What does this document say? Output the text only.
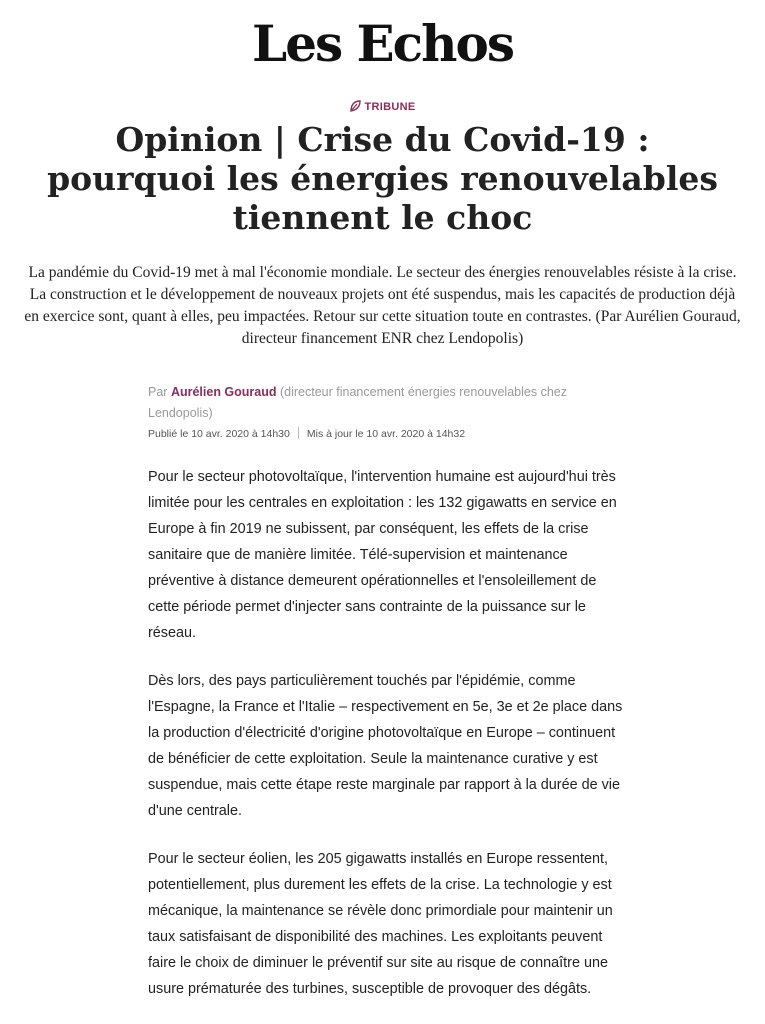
Les Echos
TRIBUNE
Opinion | Crise du Covid-19 : pourquoi les énergies renouvelables tiennent le choc

La pandémie du Covid-19 met à mal l'économie mondiale. Le secteur des énergies renouvelables résiste à la crise. La construction et le développement de nouveaux projets ont été suspendus, mais les capacités de production déjà en exercice sont, quant à elles, peu impactées. Retour sur cette situation toute en contrastes. (Par Aurélien Gouraud, directeur financement ENR chez Lendopolis)

Par Aurélien Gouraud (directeur financement énergies renouvelables chez Lendopolis)
Publié le 10 avr. 2020 à 14h30 Mis à jour le 10 avr. 2020 à 14h32

Pour le secteur photovoltaïque, l'intervention humaine est aujourd'hui très limitée pour les centrales en exploitation : les 132 gigawatts en service en Europe à fin 2019 ne subissent, par conséquent, les effets de la crise sanitaire que de manière limitée. Télé-supervision et maintenance préventive à distance demeurent opérationnelles et l'ensoleillement de cette période permet d'injecter sans contrainte de la puissance sur le réseau.

Dès lors, des pays particulièrement touchés par l'épidémie, comme l'Espagne, la France et l'Italie – respectivement en 5e, 3e et 2e place dans la production d'électricité d'origine photovoltaïque en Europe – continuent de bénéficier de cette exploitation. Seule la maintenance curative y est suspendue, mais cette étape reste marginale par rapport à la durée de vie d'une centrale.

Pour le secteur éolien, les 205 gigawatts installés en Europe ressentent, potentiellement, plus durement les effets de la crise. La technologie y est mécanique, la maintenance se révèle donc primordiale pour maintenir un taux satisfaisant de disponibilité des machines. Les exploitants peuvent faire le choix de diminuer le préventif sur site au risque de connaître une usure prématurée des turbines, susceptible de provoquer des dégâts.
